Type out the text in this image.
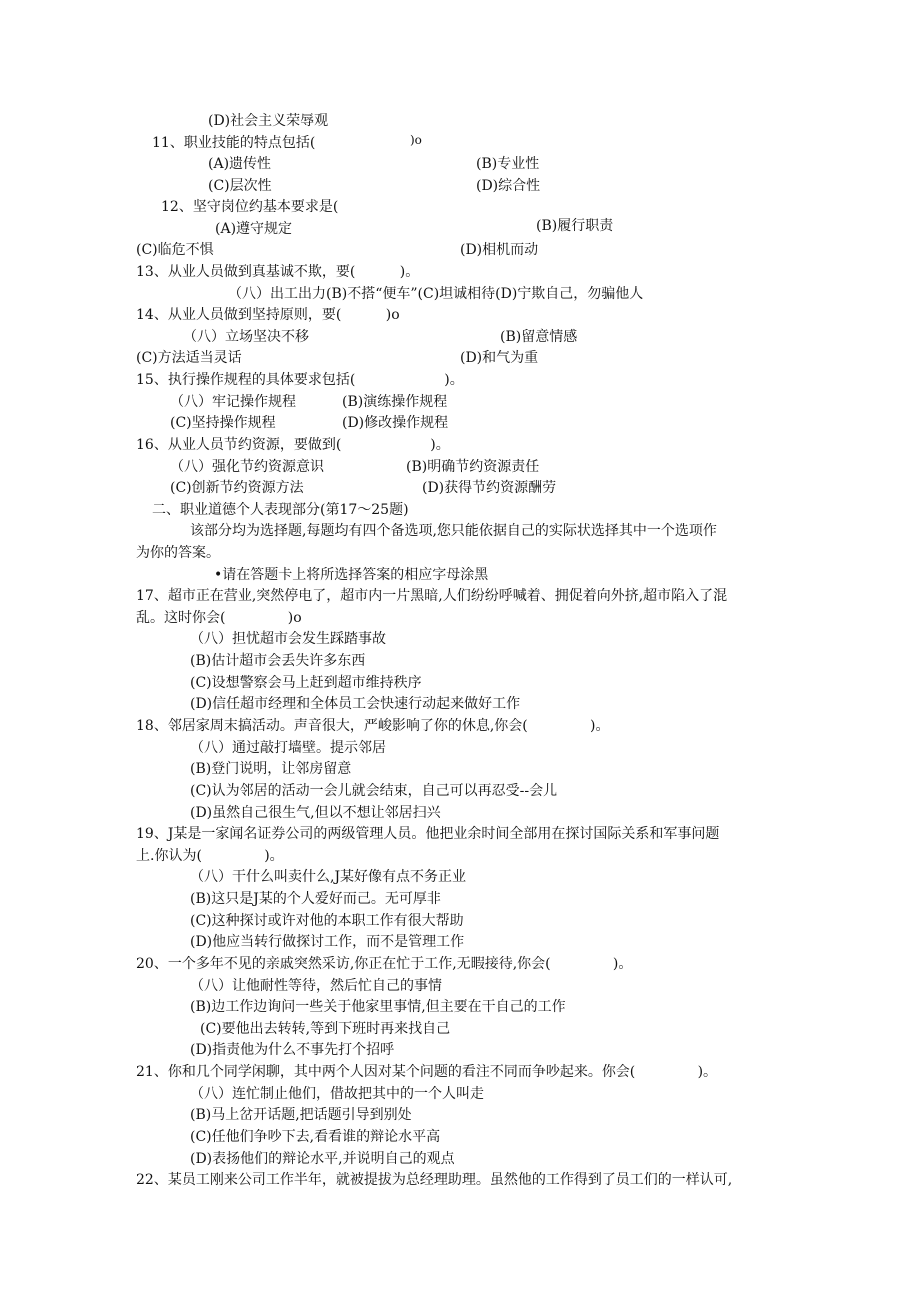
(D)社会主义荣辱观
11、职业技能的特点包括(	)o
(A)遗传性	(B)专业性
(C)层次性	(D)综合性
12、坚守岗位约基本要求是(
(A)遵守规定	(B)履行职责
(C)临危不惧	(D)相机而动
13、从业人员做到真基诚不欺，要(          )。
（八）出工出力(B)不搭“便车”(C)坦诚相待(D)宁欺自己，勿骗他人
14、从业人员做到坚持原则，要(          )o
（八）立场坚决不移	(B)留意情感
(C)方法适当灵话	(D)和气为重
15、执行操作规程的具体要求包括(                    )。
（八）牢记操作规程	(B)演练操作规程
(C)坚持操作规程	(D)修改操作规程
16、从业人员节约资源，要做到(                    )。
（八）强化节约资源意识	(B)明确节约资源责任
(C)创新节约资源方法	(D)获得节约资源酬劳
二、职业道德个人表现部分(第17～25题)
该部分均为选择题,每题均有四个备选项,您只能依据自己的实际状选择其中一个选项作
为你的答案。
•请在答题卡上将所选择答案的相应字母涂黑
17、超市正在营业,突然停电了，超市内一片黑暗,人们纷纷呼喊着、拥促着向外挤,超市陷入了混
乱。这时你会(              )o
（八）担忧超市会发生踩踏事故
(B)估计超市会丢失许多东西
(C)设想警察会马上赶到超市维持秩序
(D)信任超市经理和全体员工会快速行动起来做好工作
18、邻居家周末搞活动。声音很大，严峻影响了你的休息,你会(              )。
（八）通过敲打墙壁。提示邻居
(B)登门说明，让邻房留意
(C)认为邻居的活动一会儿就会结束，自己可以再忍受--会儿
(D)虽然自己很生气,但以不想让邻居扫兴
19、J某是一家闻名证券公司的两级管理人员。他把业余时间全部用在探讨国际关系和军事问题
上.你认为(              )。
（八）干什么叫卖什么,J某好像有点不务正业
(B)这只是J某的个人爱好而己。无可厚非
(C)这种探讨或许对他的本职工作有很大帮助
(D)他应当转行做探讨工作，而不是管理工作
20、一个多年不见的亲戚突然采访,你正在忙于工作,无暇接待,你会(              )。
（八）让他耐性等待，然后忙自己的事情
(B)边工作边询问一些关于他家里事情,但主要在干自己的工作
(C)要他出去转转,等到下班时再来找自己
(D)指责他为什么不事先打个招呼
21、你和几个同学闲聊，其中两个人因对某个问题的看注不同而争吵起来。你会(              )。
（八）连忙制止他们，借故把其中的一个人叫走
(B)马上岔开话题,把话题引导到别处
(C)任他们争吵下去,看看谁的辩论水平高
(D)表扬他们的辩论水平,并说明自己的观点
22、某员工刚来公司工作半年，就被提拔为总经理助理。虽然他的工作得到了员工们的一样认可,
